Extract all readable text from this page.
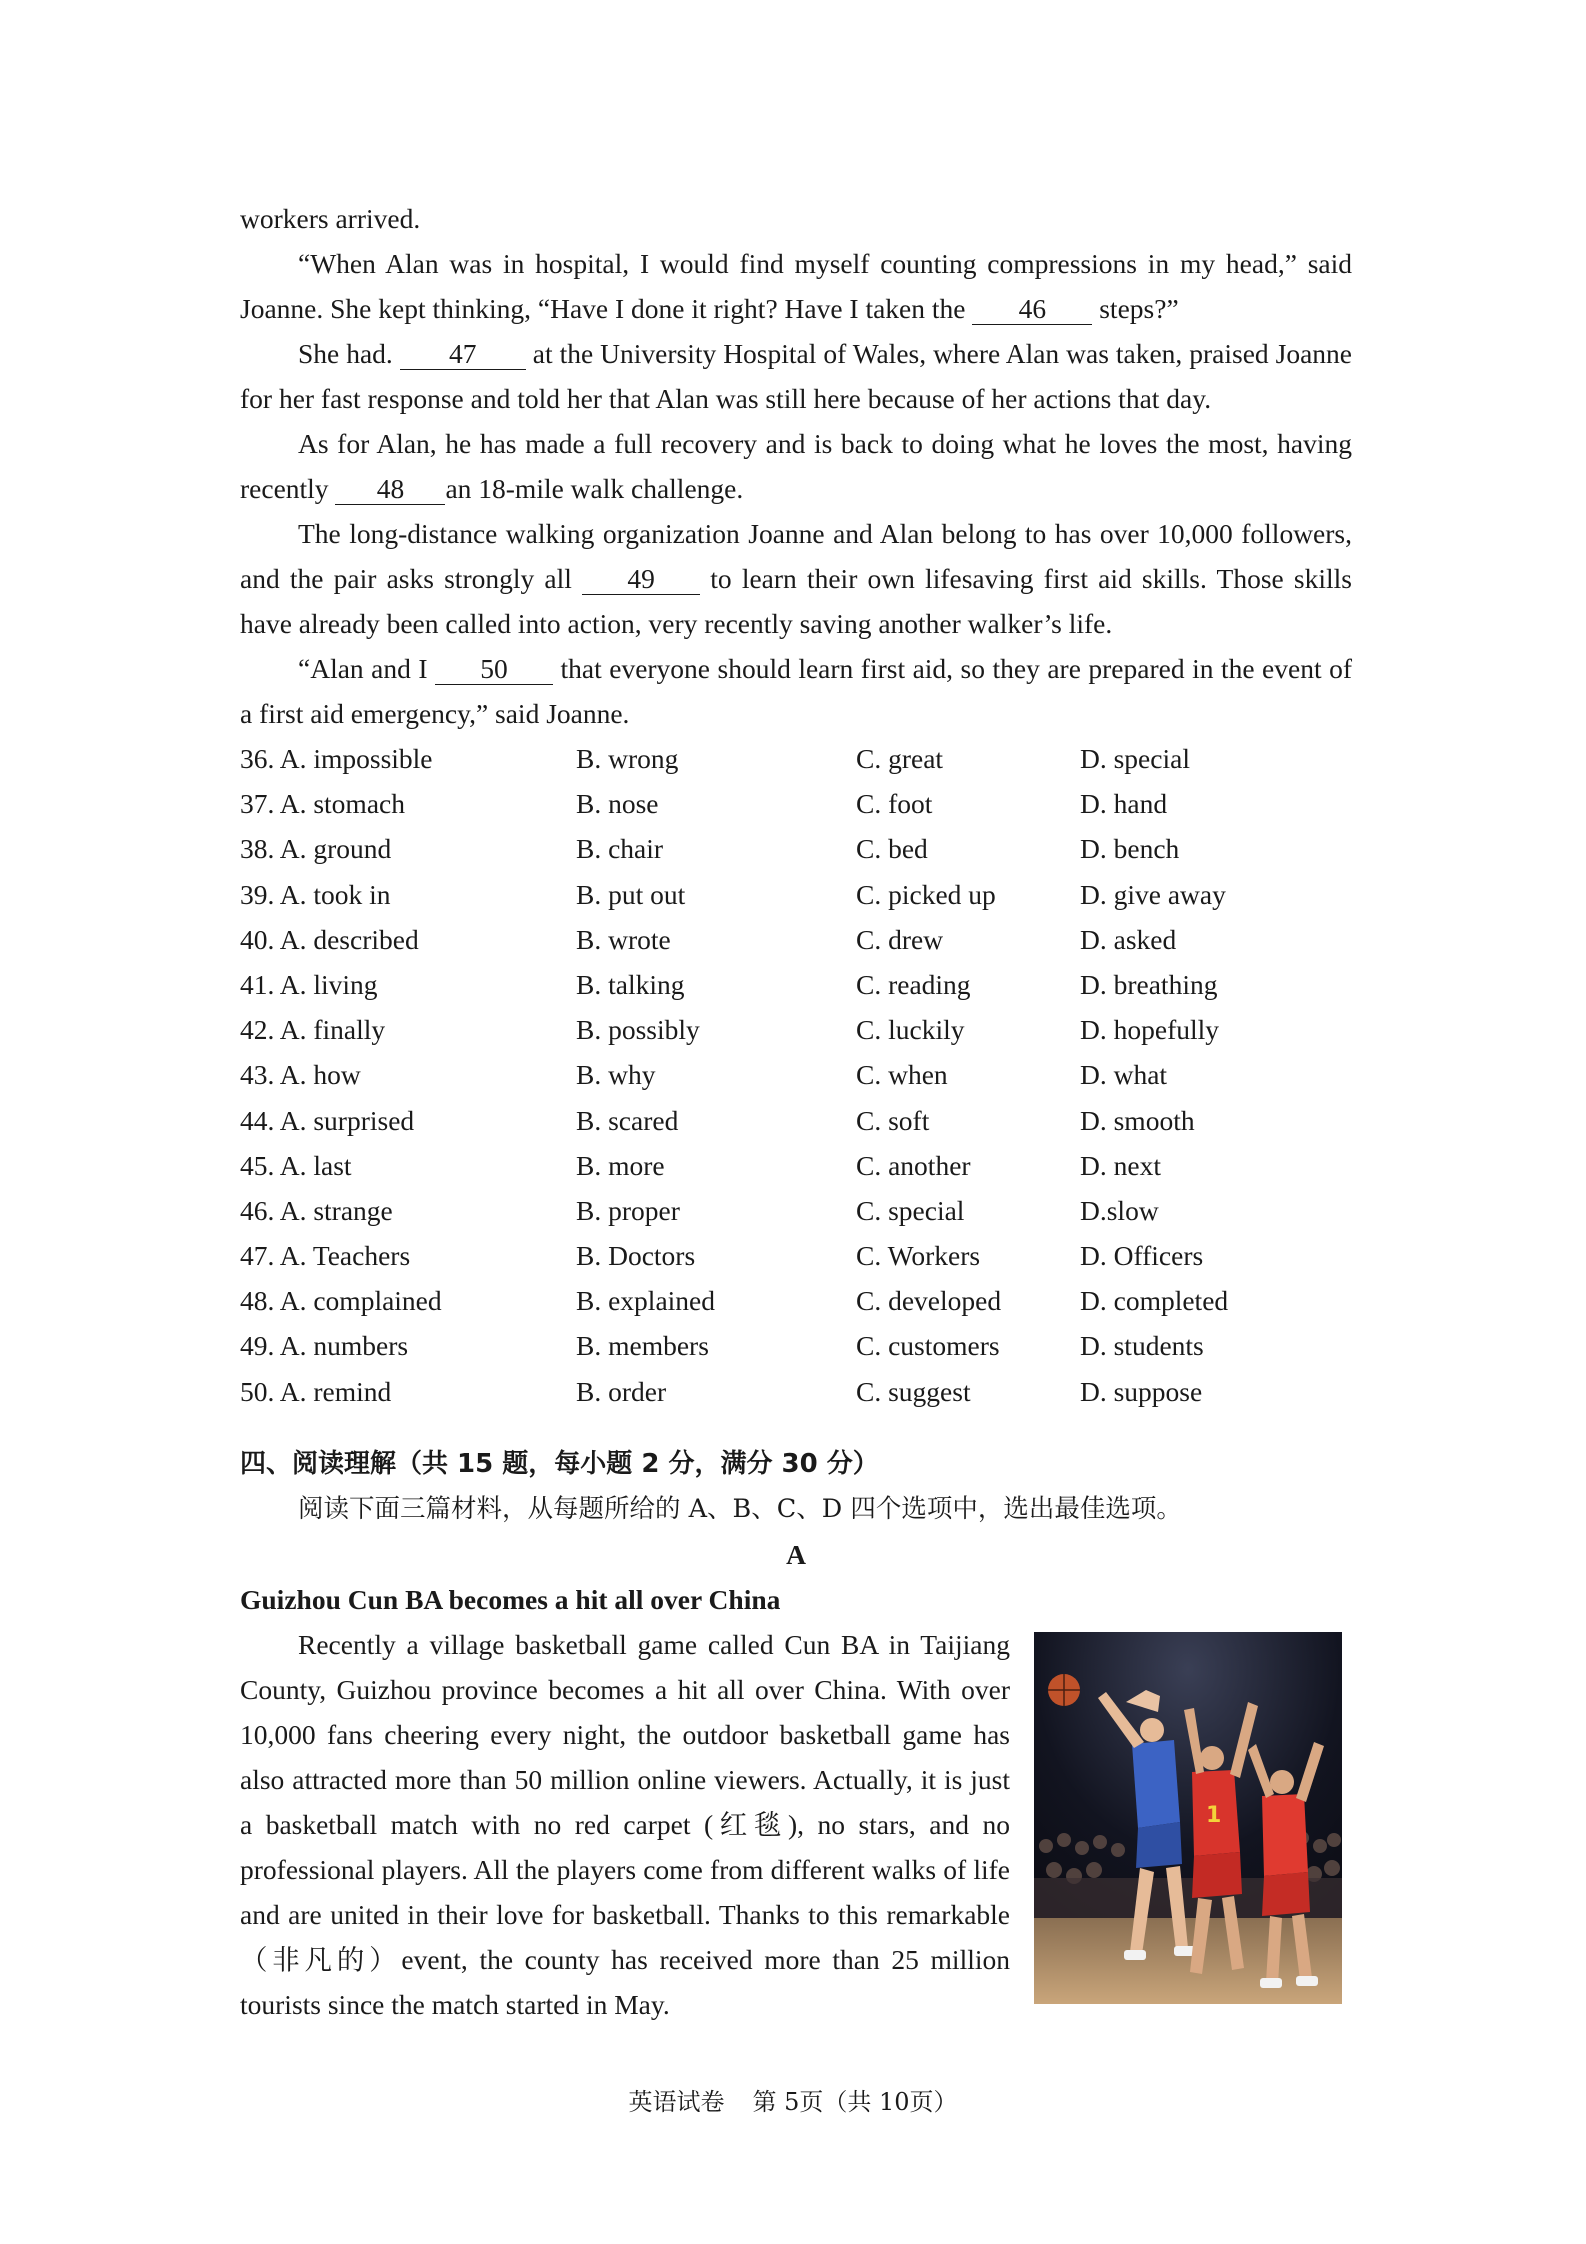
workers arrived.

“When Alan was in hospital, I would find myself counting compressions in my head,” said Joanne. She kept thinking, “Have I done it right? Have I taken the 46 steps?”

She had. 47 at the University Hospital of Wales, where Alan was taken, praised Joanne for her fast response and told her that Alan was still here because of her actions that day.

As for Alan, he has made a full recovery and is back to doing what he loves the most, having recently 48 an 18-mile walk challenge.

The long-distance walking organization Joanne and Alan belong to has over 10,000 followers, and the pair asks strongly all 49 to learn their own lifesaving first aid skills. Those skills have already been called into action, very recently saving another walker’s life.

“Alan and I 50 that everyone should learn first aid, so they are prepared in the event of a first aid emergency,” said Joanne.

36. A. impossible	B. wrong	C. great	D. special
37. A. stomach	B. nose	C. foot	D. hand
38. A. ground	B. chair	C. bed	D. bench
39. A. took in	B. put out	C. picked up	D. give away
40. A. described	B. wrote	C. drew	D. asked
41. A. living	B. talking	C. reading	D. breathing
42. A. finally	B. possibly	C. luckily	D. hopefully
43. A. how	B. why	C. when	D. what
44. A. surprised	B. scared	C. soft	D. smooth
45. A. last	B. more	C. another	D. next
46. A. strange	B. proper	C. special	D.slow
47. A. Teachers	B. Doctors	C. Workers	D. Officers
48. A. complained	B. explained	C. developed	D. completed
49. A. numbers	B. members	C. customers	D. students
50. A. remind	B. order	C. suggest	D. suppose
四、阅读理解（共 15 题，每小题 2 分，满分 30 分）

阅读下面三篇材料，从每题所给的 A、B、C、D 四个选项中，选出最佳选项。

A
Guizhou Cun BA becomes a hit all over China

Recently a village basketball game called Cun BA in Taijiang County, Guizhou province becomes a hit all over China. With over 10,000 fans cheering every night, the outdoor basketball game has also attracted more than 50 million online viewers. Actually, it is just a basketball match with no red carpet (红毯), no stars, and no professional players. All the players come from different walks of life and are united in their love for basketball. Thanks to this remarkable（非凡的）event, the county has received more than 25 million tourists since the match started in May.

1
英语试卷 第 5页（共 10页）
